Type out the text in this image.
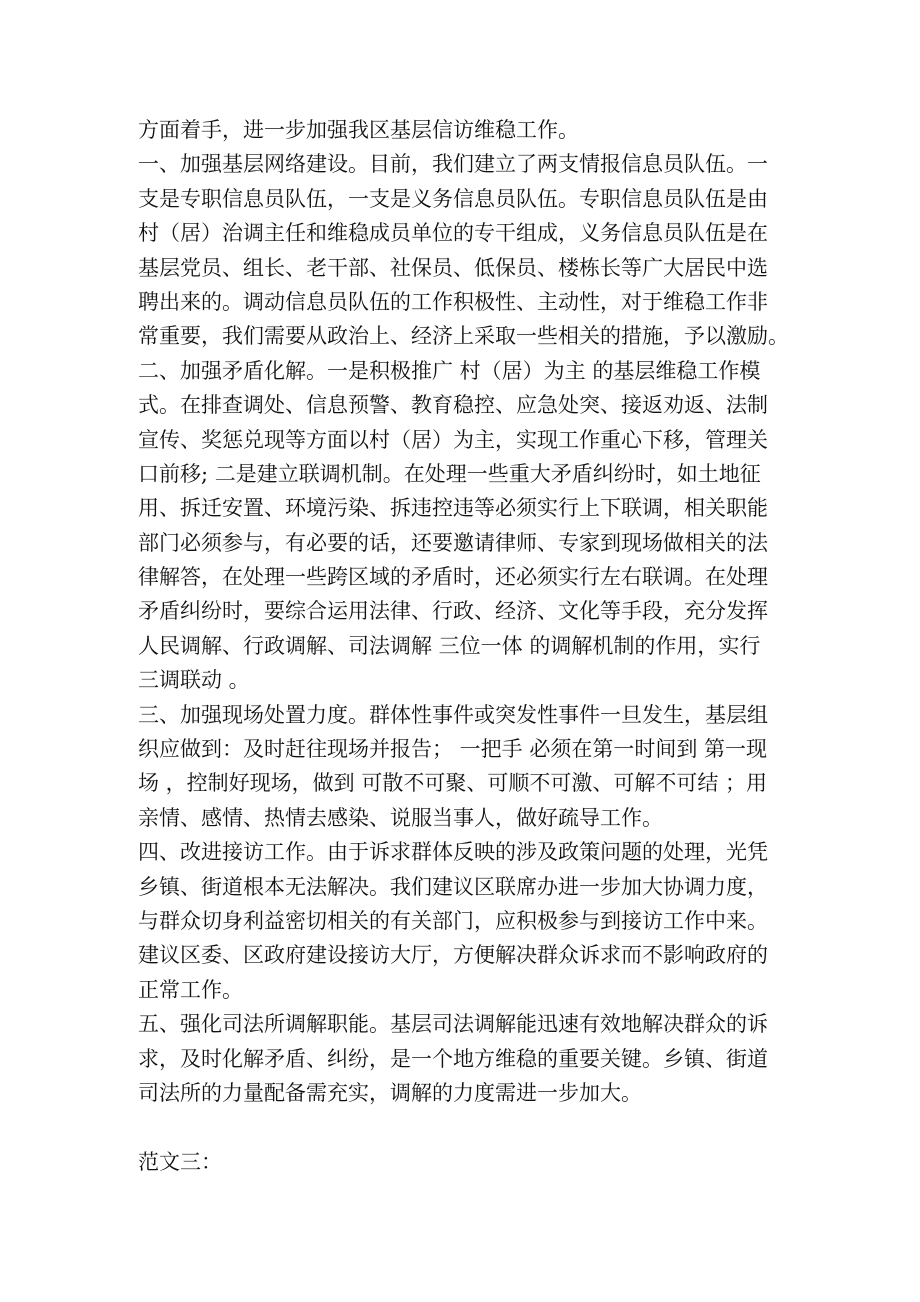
方面着手，进一步加强我区基层信访维稳工作。
一、加强基层网络建设。目前，我们建立了两支情报信息员队伍。一
支是专职信息员队伍，一支是义务信息员队伍。专职信息员队伍是由
村（居）治调主任和维稳成员单位的专干组成，义务信息员队伍是在
基层党员、组长、老干部、社保员、低保员、楼栋长等广大居民中选
聘出来的。调动信息员队伍的工作积极性、主动性，对于维稳工作非
常重要，我们需要从政治上、经济上采取一些相关的措施，予以激励。
二、加强矛盾化解。一是积极推广 村（居）为主 的基层维稳工作模
式。在排查调处、信息预警、教育稳控、应急处突、接返劝返、法制
宣传、奖惩兑现等方面以村（居）为主，实现工作重心下移，管理关
口前移; 二是建立联调机制。在处理一些重大矛盾纠纷时，如土地征
用、拆迁安置、环境污染、拆违控违等必须实行上下联调，相关职能
部门必须参与，有必要的话，还要邀请律师、专家到现场做相关的法
律解答，在处理一些跨区域的矛盾时，还必须实行左右联调。在处理
矛盾纠纷时，要综合运用法律、行政、经济、文化等手段，充分发挥
人民调解、行政调解、司法调解 三位一体 的调解机制的作用，实行
三调联动 。
三、加强现场处置力度。群体性事件或突发性事件一旦发生，基层组
织应做到：及时赶往现场并报告； 一把手 必须在第一时间到 第一现
场 ，控制好现场，做到 可散不可聚、可顺不可激、可解不可结 ；用
亲情、感情、热情去感染、说服当事人，做好疏导工作。
四、改进接访工作。由于诉求群体反映的涉及政策问题的处理，光凭
乡镇、街道根本无法解决。我们建议区联席办进一步加大协调力度，
与群众切身利益密切相关的有关部门，应积极参与到接访工作中来。
建议区委、区政府建设接访大厅，方便解决群众诉求而不影响政府的
正常工作。
五、强化司法所调解职能。基层司法调解能迅速有效地解决群众的诉
求，及时化解矛盾、纠纷，是一个地方维稳的重要关键。乡镇、街道
司法所的力量配备需充实，调解的力度需进一步加大。
范文三：
